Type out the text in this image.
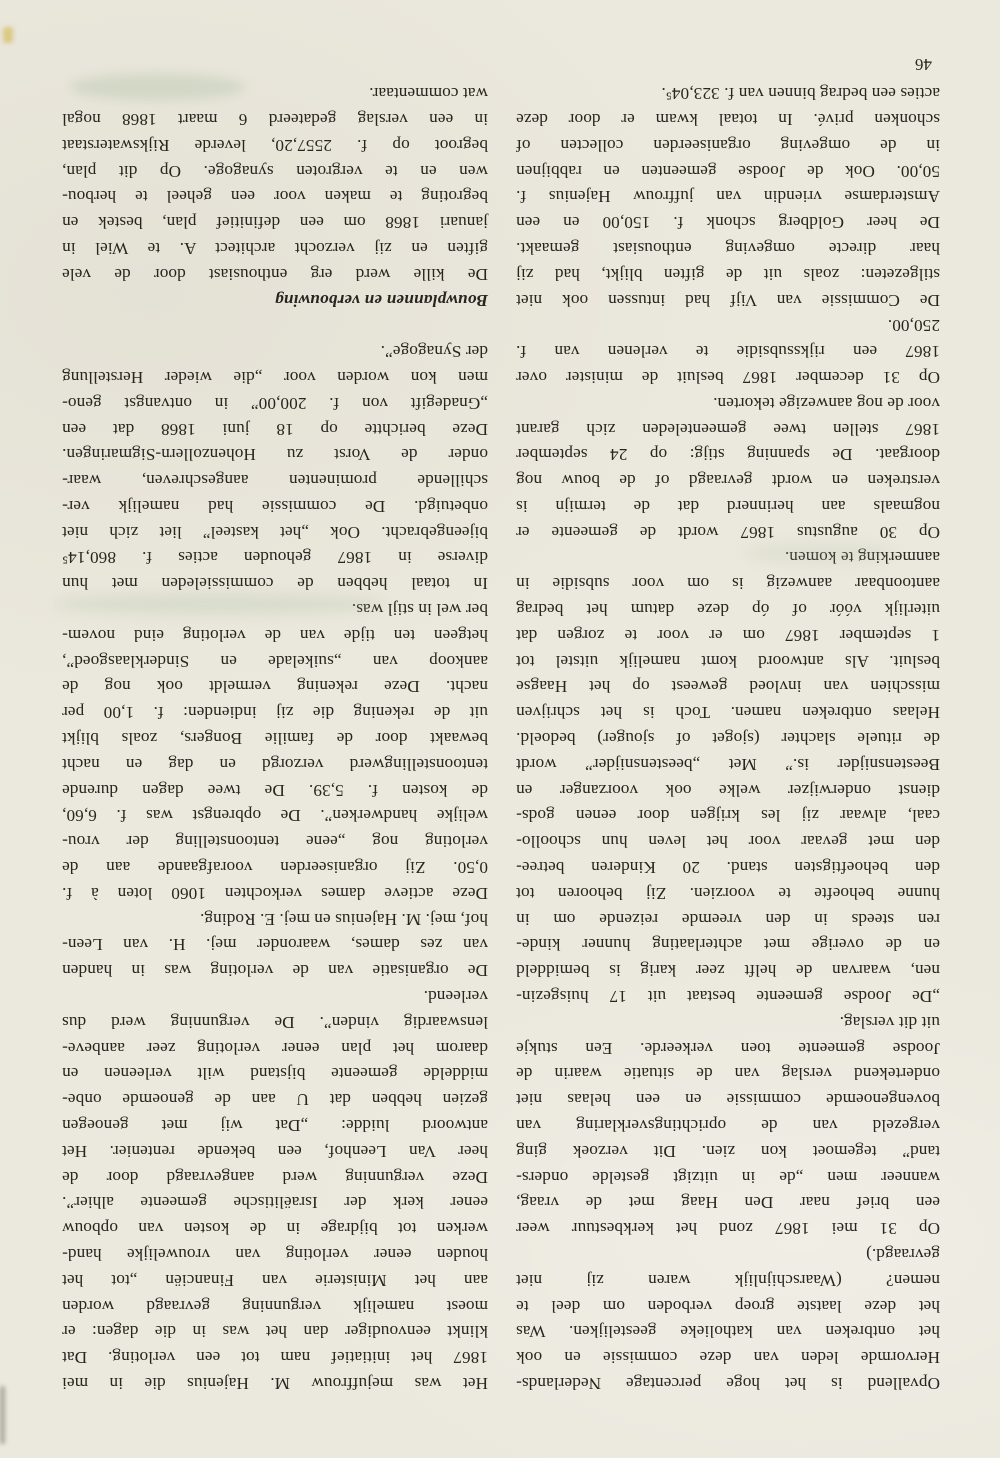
Opvallend is het hoge percentage Nederlands-
Hervormde leden van deze commissie en ook
het ontbreken van katholieke geestelijken. Was
het deze laatste groep verboden om deel te
nemen? (Waarschijnlijk waren zij niet
gevraagd.)
Op 31 mei 1867 zond het kerkbestuur weer
een brief naar Den Haag met de vraag,
wanneer men „de in uitzigt gestelde onders-
tand” tegemoet kon zien. Dit verzoek ging
vergezeld van de oprichtingsverklaring van
bovengenoemde commissie en een helaas niet
ondertekend verslag van de situatie waarin de
Joodse gemeente toen verkeerde. Een stukje
uit dit verslag.
„De Joodse gemeente bestaat uit 17 huisgezin-
nen, waarvan de helft zeer karig is bemiddeld
en de overige met achterlaating hunner kinde-
ren steeds in den vreemde reizende om in
hunne behoefte te voorzien. Zij behooren tot
den behoeftigsten stand. 20 Kinderen betree-
den met gevaar voor het leven hun schoollo-
caal, alwaar zij les krijgen door eenen gods-
dienst onderwijzer welke ook voorzanger en
Beestensnijder is.” Met „beestensnijder” wordt
de rituele slachter (sjoget of sjouger) bedoeld.
Helaas ontbreken namen. Toch is het schrijven
misschien van invloed geweest op het Haagse
besluit. Als antwoord komt namelijk uitstel tot
1 september 1867 om er voor te zorgen dat
uiterlijk vóór of óp deze datum het bedrag
aantoonbaar aanwezig is om voor subsidie in
aanmerking te komen.
Op 30 augustus 1867 wordt de gemeente er
nogmaals aan herinnerd dat de termijn is
verstreken en wordt gevraagd of de bouw nog
doorgaat. De spanning stijg: op 24 september
1867 stellen twee gemeenteleden zich garant
voor de nog aanwezige tekorten.
Op 31 december 1867 besluit de minister over
1867 een rijkssubsidie te verlenen van f.
250,00.
De Commissie van Vijf had intussen ook niet
stilgezeten: zoals uit de giften blijkt, had zij
haar directe omgeving enthousiast gemaakt.
De heer Goldberg schonk f. 150,00 en een
Amsterdamse vriendin van juffrouw Hajenius f.
50,00. Ook de Joodse gemeenten en rabbijnen
in de omgeving organiseerden collecten of
schonken privé. In totaal kwam er door deze
acties een bedrag binnen van f. 323,04⁵.
Het was mejuffrouw M. Hajenius die in mei
1867 het initiatief nam tot een verloting. Dat
klinkt eenvoudiger dan het was in die dagen: er
moest namelijk vergunning gevraagd worden
aan het Ministerie van Financiën „tot het
houden eener verloting van vrouwelijke hand-
werken tot bijdrage in de kosten van opbouw
eener kerk der Israëlitische gemeente alhier”.
Deze vergunning werd aangevraagd door de
heer Van Leenhof, een bekende rentenier. Het
antwoord luidde: „Dat wij met genoegen
gezien hebben dat U aan de genoemde onbe-
middelde gemeente bijstand wilt verleenen en
daarom het plan eener verloting zeer aanbeve-
lenswaardig vinden”. De vergunning werd dus
verleend.
De organisatie van de verloting was in handen
van zes dames, waaronder mej. H. van Leen-
hof, mej. M. Hajenius en mej. E. Roding.
Deze actieve dames verkochten 1060 loten à f.
0,50. Zij organiseerden voorafgaande aan de
verloting nog „eene tentoonstelling der vrou-
welijke handwerken”. De opbrengst was f. 6,60,
de kosten f. 5,39. De twee dagen durende
tentoonstellingwerd verzorgd en dag en nacht
bewaakt door de familie Bongers, zoals blijkt
uit de rekening die zij indienden: f. 1,00 per
nacht. Deze rekening vermeldt ook nog de
aankoop van „suikelade en Sinderklaasgoed”,
hetgeen ten tijde van de verloting eind novem-
ber wel in stijl was.
In totaal hebben de commissieleden met hun
diverse in 1867 gehouden acties f. 860,14⁵
bijeengebracht. Ook „het kasteel” liet zich niet
onbetuigd. De commissie had namelijk ver-
schillende prominenten aangeschreven, waar-
onder de Vorst zu Hohenzollern-Sigmaringen.
Deze berichtte op 18 juni 1868 dat een
„Gnadegift von f. 200,00” in ontvangst geno-
men kon worden voor „die wieder Herstellung
der Synagoge”.

Bouwplannen en verbouwing
De kille werd erg enthousiast door de vele
giften en zij verzocht architect A. te Wiel in
januari 1868 om een definitief plan, bestek en
begroting te maken voor een geheel te herbou-
wen en te vergroten synagoge. Op dit plan,
begroot op f. 2557,20, leverde Rijkswaterstaat
in een verslag gedateerd 6 maart 1868 nogal
wat commentaar.
46
